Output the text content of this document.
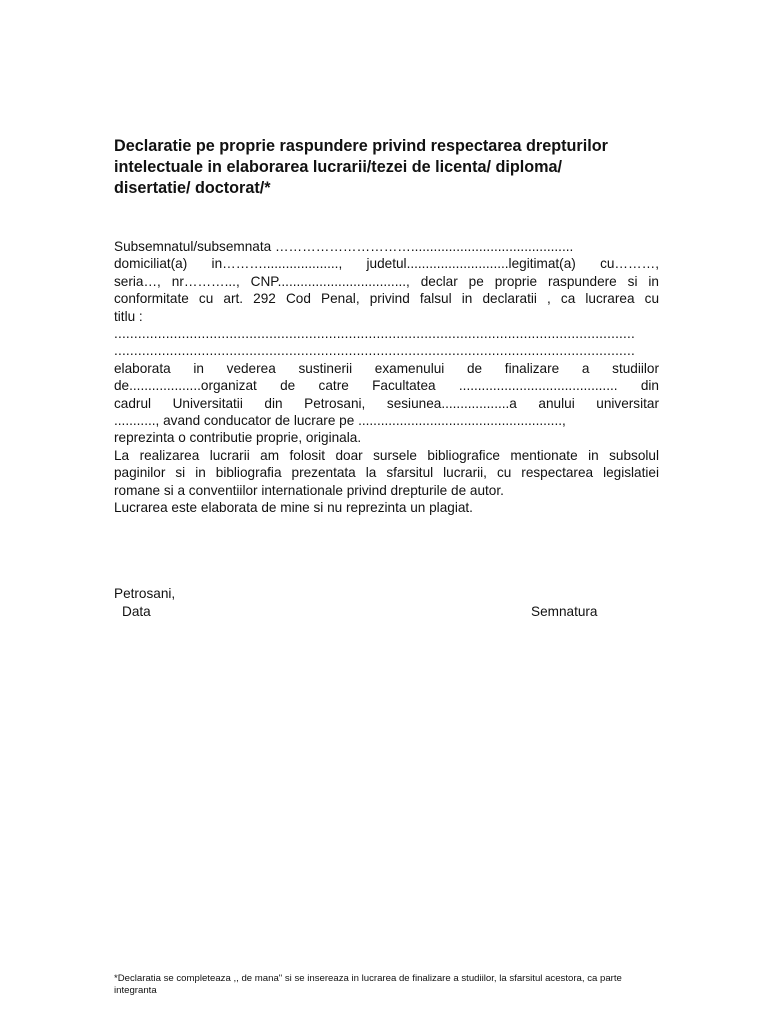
Declaratie pe proprie raspundere privind respectarea drepturilor
intelectuale in elaborarea lucrarii/tezei de licenta/ diploma/
disertatie/ doctorat/*
Subsemnatul/subsemnata …………………………...........................................
domiciliat(a) in………...................., judetul...........................legitimat(a) cu………,
seria…, nr………..., CNP.................................., declar pe proprie raspundere si in
conformitate cu art. 292 Cod Penal, privind falsul in declaratii , ca lucrarea cu
titlu :
...................................................................................................................................
...................................................................................................................................
elaborata in vederea sustinerii examenului de finalizare a studiilor
de...................organizat de catre Facultatea .......................................... din
cadrul Universitatii din Petrosani, sesiunea..................a anului universitar
..........., avand conducator de lucrare pe ......................................................,
reprezinta o contributie proprie, originala.
La realizarea lucrarii am folosit doar sursele bibliografice mentionate in subsolul
paginilor si in bibliografia prezentata la sfarsitul lucrarii, cu respectarea legislatiei
romane si a conventiilor internationale privind drepturile de autor.
Lucrarea este elaborata de mine si nu reprezinta un plagiat.
Petrosani,
Data	Semnatura
*Declaratia se completeaza ,, de mana" si se insereaza in lucrarea de finalizare a studiilor, la sfarsitul acestora, ca parte integranta
